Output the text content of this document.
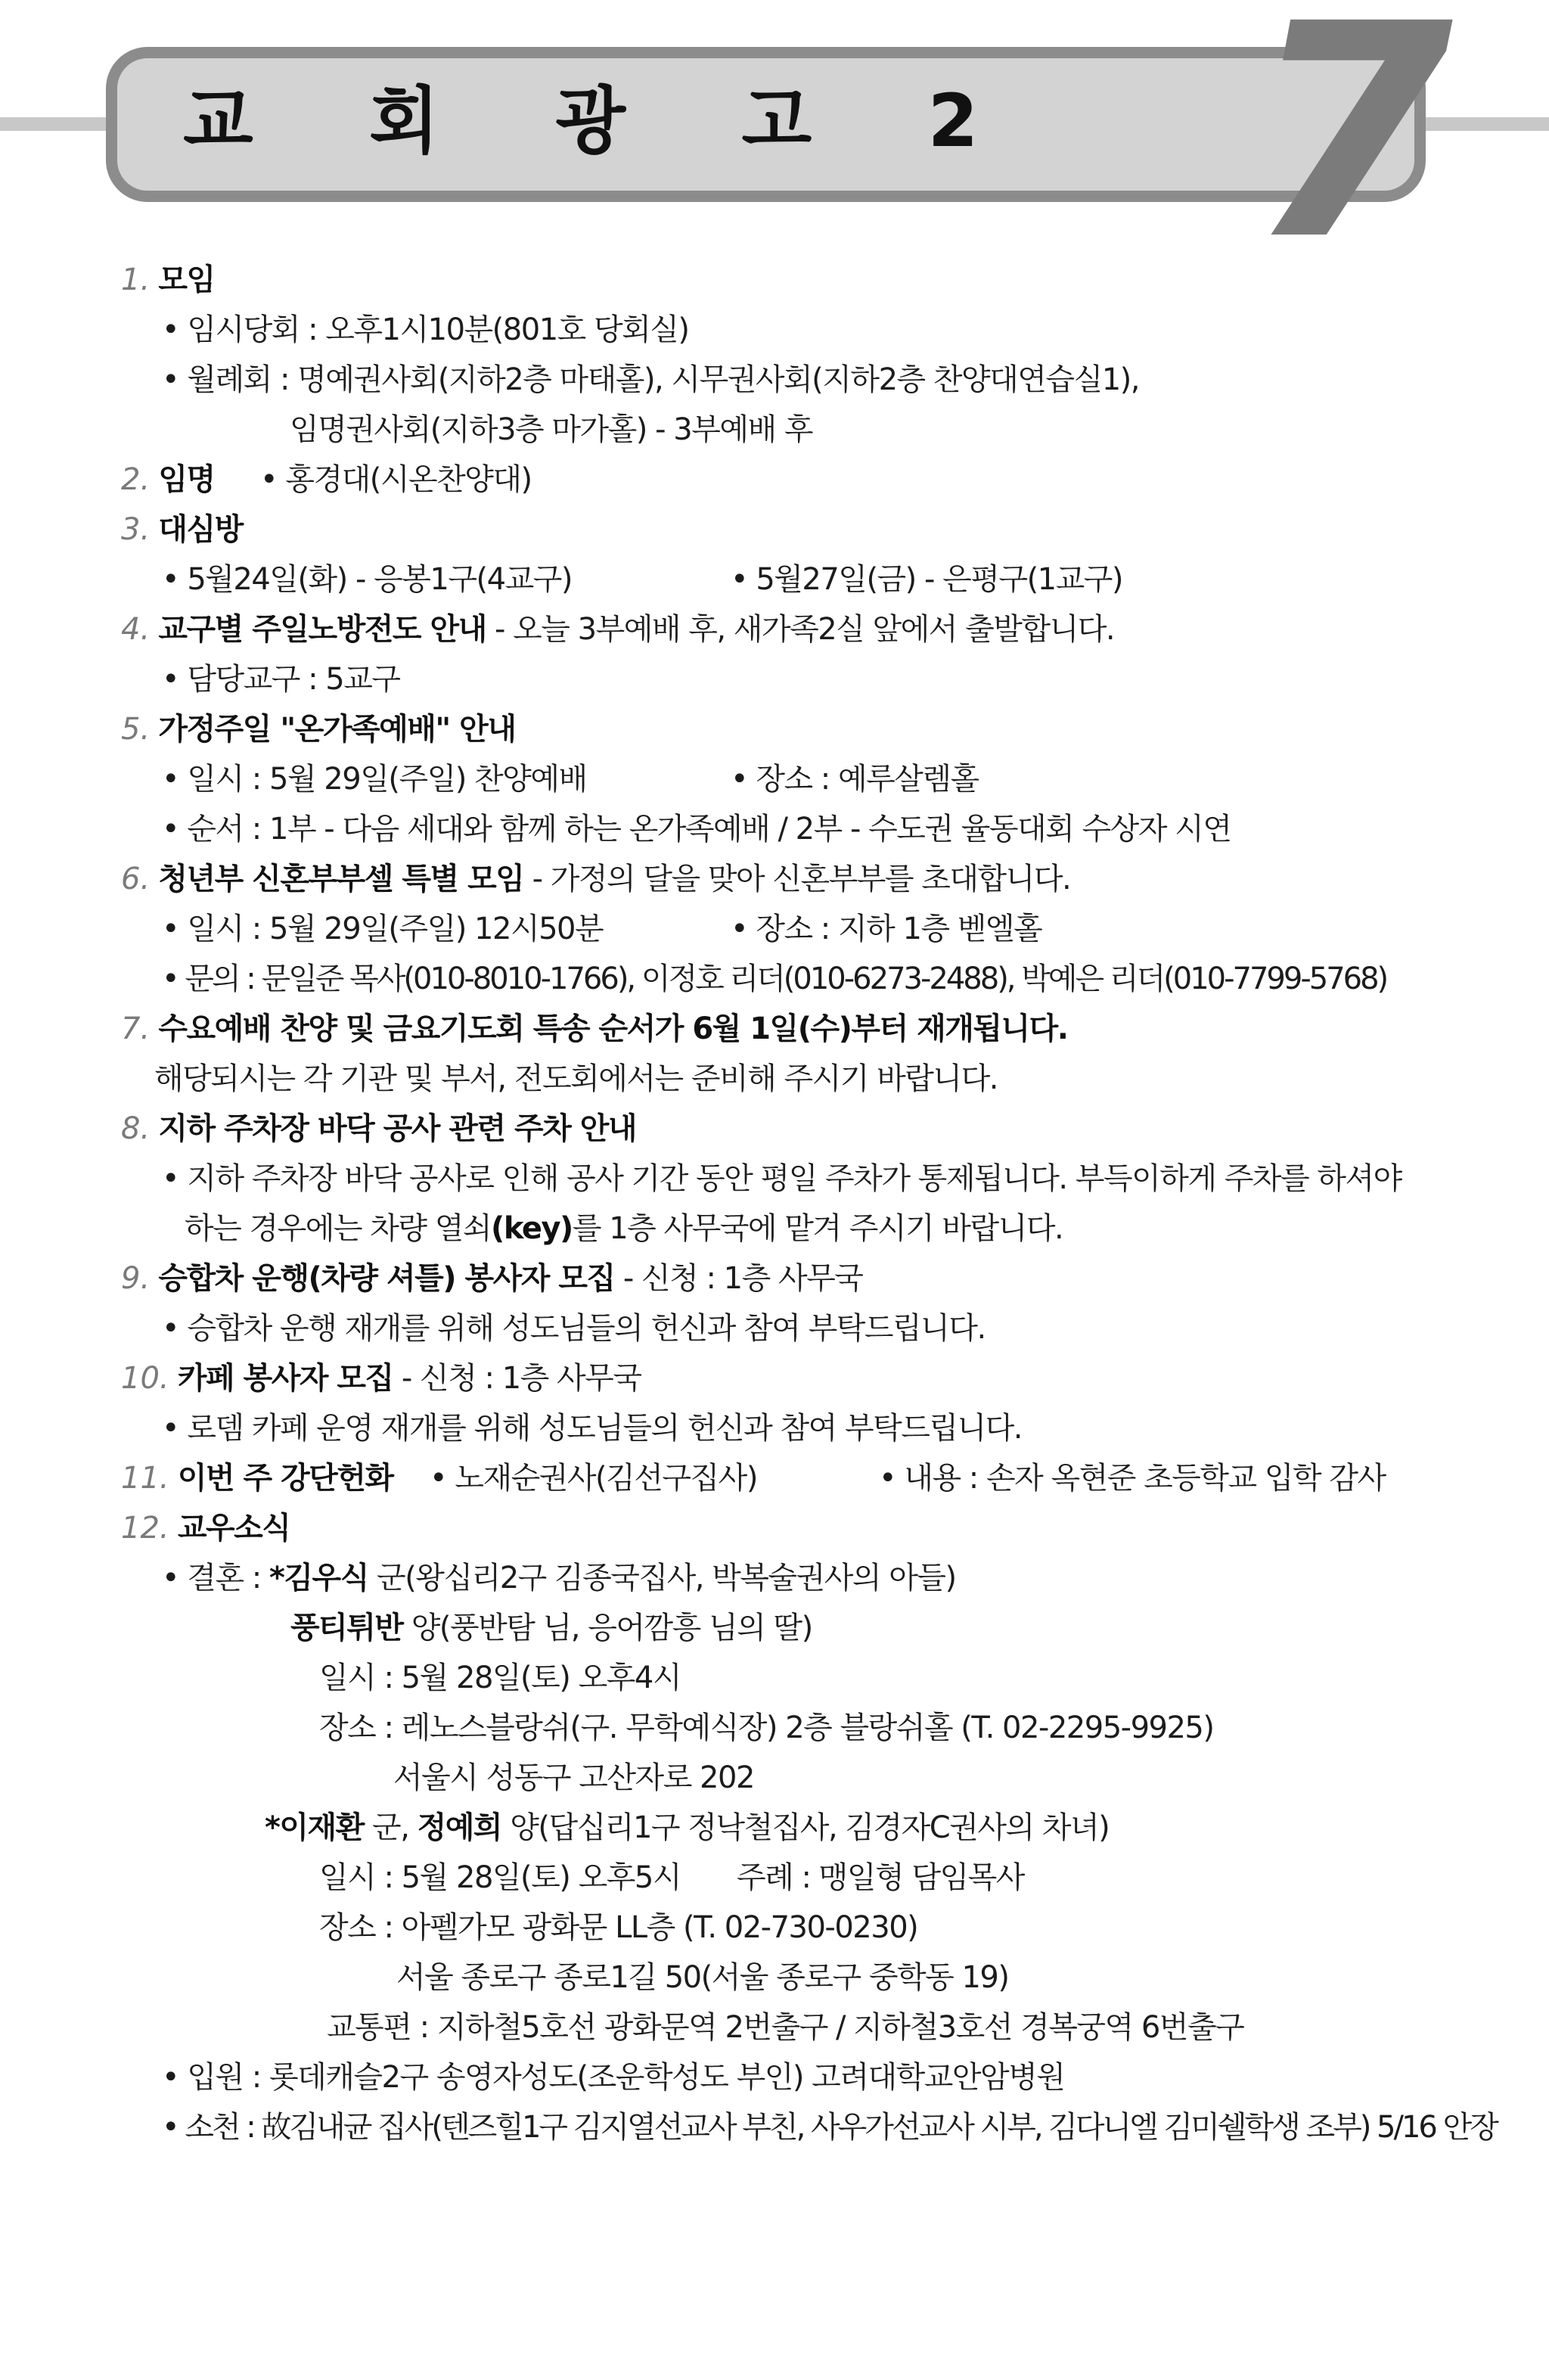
교 회 광 고 2 7
1. 모임
• 임시당회 : 오후1시10분(801호 당회실)
• 월례회 : 명예권사회(지하2층 마태홀), 시무권사회(지하2층 찬양대연습실1),
임명권사회(지하3층 마가홀) - 3부예배 후
2. 임명	• 홍경대(시온찬양대)
3. 대심방
• 5월24일(화) - 응봉1구(4교구)	• 5월27일(금) - 은평구(1교구)
4. 교구별 주일노방전도 안내 - 오늘 3부예배 후, 새가족2실 앞에서 출발합니다.
• 담당교구 : 5교구
5. 가정주일 "온가족예배" 안내
• 일시 : 5월 29일(주일) 찬양예배	• 장소 : 예루살렘홀
• 순서 : 1부 - 다음 세대와 함께 하는 온가족예배 / 2부 - 수도권 율동대회 수상자 시연
6. 청년부 신혼부부셀 특별 모임 - 가정의 달을 맞아 신혼부부를 초대합니다.
• 일시 : 5월 29일(주일) 12시50분	• 장소 : 지하 1층 벧엘홀
• 문의 : 문일준 목사(010-8010-1766), 이정호 리더(010-6273-2488), 박예은 리더(010-7799-5768)
7. 수요예배 찬양 및 금요기도회 특송 순서가 6월 1일(수)부터 재개됩니다.
해당되시는 각 기관 및 부서, 전도회에서는 준비해 주시기 바랍니다.
8. 지하 주차장 바닥 공사 관련 주차 안내
• 지하 주차장 바닥 공사로 인해 공사 기간 동안 평일 주차가 통제됩니다. 부득이하게 주차를 하셔야
하는 경우에는 차량 열쇠(key)를 1층 사무국에 맡겨 주시기 바랍니다.
9. 승합차 운행(차량 셔틀) 봉사자 모집 - 신청 : 1층 사무국
• 승합차 운행 재개를 위해 성도님들의 헌신과 참여 부탁드립니다.
10. 카페 봉사자 모집 - 신청 : 1층 사무국
• 로뎀 카페 운영 재개를 위해 성도님들의 헌신과 참여 부탁드립니다.
11. 이번 주 강단헌화	• 노재순권사(김선구집사)	• 내용 : 손자 옥현준 초등학교 입학 감사
12. 교우소식
• 결혼 : *김우식 군(왕십리2구 김종국집사, 박복술권사의 아들)
풍티튀반 양(풍반탐 님, 응어깜흥 님의 딸)
일시 : 5월 28일(토) 오후4시
장소 : 레노스블랑쉬(구. 무학예식장) 2층 블랑쉬홀 (T. 02-2295-9925)
서울시 성동구 고산자로 202
*이재환 군, 정예희 양(답십리1구 정낙철집사, 김경자C권사의 차녀)
일시 : 5월 28일(토) 오후5시 주례 : 맹일형 담임목사
장소 : 아펠가모 광화문 LL층 (T. 02-730-0230)
서울 종로구 종로1길 50(서울 종로구 중학동 19)
교통편 : 지하철5호선 광화문역 2번출구 / 지하철3호선 경복궁역 6번출구
• 입원 : 롯데캐슬2구 송영자성도(조운학성도 부인) 고려대학교안암병원
• 소천 : 故김내균 집사(텐즈힐1구 김지열선교사 부친, 사우가선교사 시부, 김다니엘 김미쉘학생 조부) 5/16 안장
